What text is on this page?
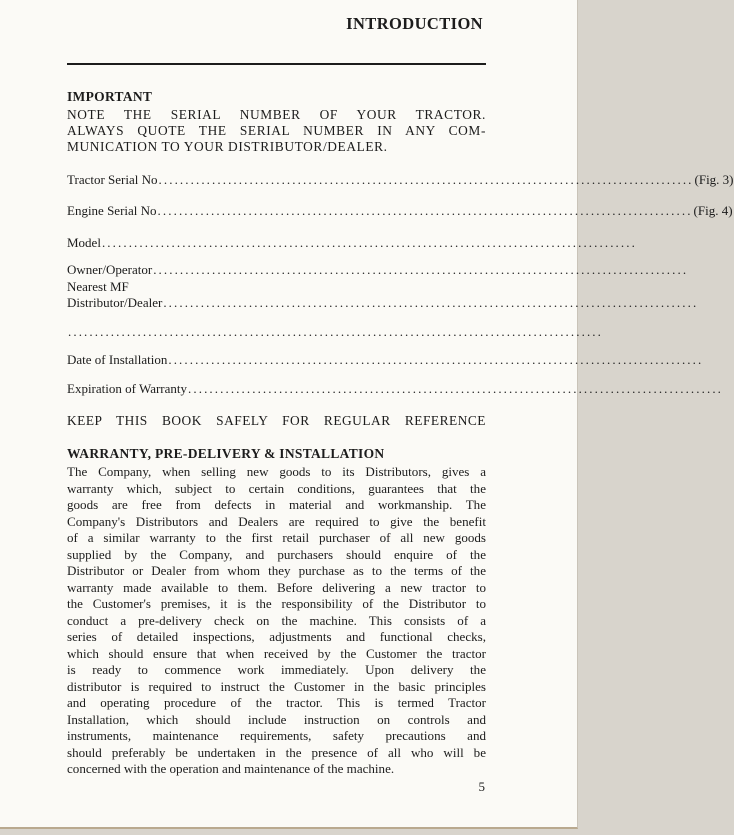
INTRODUCTION
IMPORTANT
NOTE THE SERIAL NUMBER OF YOUR TRACTOR.
ALWAYS QUOTE THE SERIAL NUMBER IN ANY COM-
MUNICATION TO YOUR DISTRIBUTOR/DEALER.
Tractor Serial No .................................................................................................... (Fig. 3)
Engine Serial No .................................................................................................... (Fig. 4)
Model ....................................................................................................
Owner/Operator ....................................................................................................
Nearest MF
Distributor/Dealer ....................................................................................................
....................................................................................................
Date of Installation ....................................................................................................
Expiration of Warranty ....................................................................................................
KEEP THIS BOOK SAFELY FOR REGULAR REFERENCE
WARRANTY, PRE-DELIVERY & INSTALLATION
The Company, when selling new goods to its Distributors, gives a
warranty which, subject to certain conditions, guarantees that the
goods are free from defects in material and workmanship. The
Company's Distributors and Dealers are required to give the benefit
of a similar warranty to the first retail purchaser of all new goods
supplied by the Company, and purchasers should enquire of the
Distributor or Dealer from whom they purchase as to the terms of the
warranty made available to them. Before delivering a new tractor to
the Customer's premises, it is the responsibility of the Distributor to
conduct a pre-delivery check on the machine. This consists of a
series of detailed inspections, adjustments and functional checks,
which should ensure that when received by the Customer the tractor
is ready to commence work immediately. Upon delivery the
distributor is required to instruct the Customer in the basic principles
and operating procedure of the tractor. This is termed Tractor
Installation, which should include instruction on controls and
instruments, maintenance requirements, safety precautions and
should preferably be undertaken in the presence of all who will be
concerned with the operation and maintenance of the machine.
5
